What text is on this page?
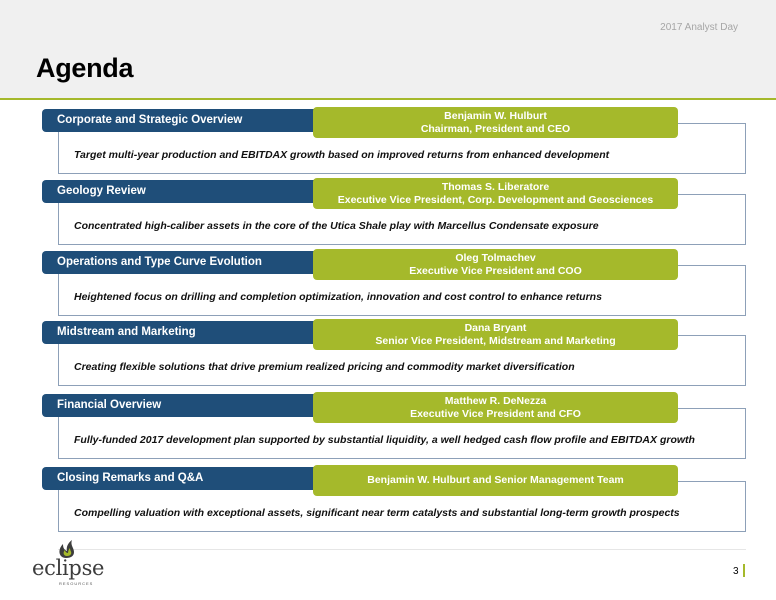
2017 Analyst Day
Agenda
Target multi-year production and EBITDAX growth based on improved returns from enhanced development
Corporate and Strategic Overview	Benjamin W. Hulburt
Chairman, President and CEO
Concentrated high-caliber assets in the core of the Utica Shale play with Marcellus Condensate exposure
Geology Review	Thomas S. Liberatore
Executive Vice President, Corp. Development and Geosciences
Heightened focus on drilling and completion optimization, innovation and cost control to enhance returns
Operations and Type Curve Evolution	Oleg Tolmachev
Executive Vice President and COO
Creating flexible solutions that drive premium realized pricing and commodity market diversification
Midstream and Marketing	Dana Bryant
Senior Vice President, Midstream and Marketing
Fully-funded 2017 development plan supported by substantial liquidity, a well hedged cash flow profile and EBITDAX growth
Financial Overview	Matthew R. DeNezza
Executive Vice President and CFO
Compelling valuation with exceptional assets, significant near term catalysts and substantial long-term growth prospects
Closing Remarks and Q&A	Benjamin W. Hulburt and Senior Management Team
eclipse
RESOURCES
3
